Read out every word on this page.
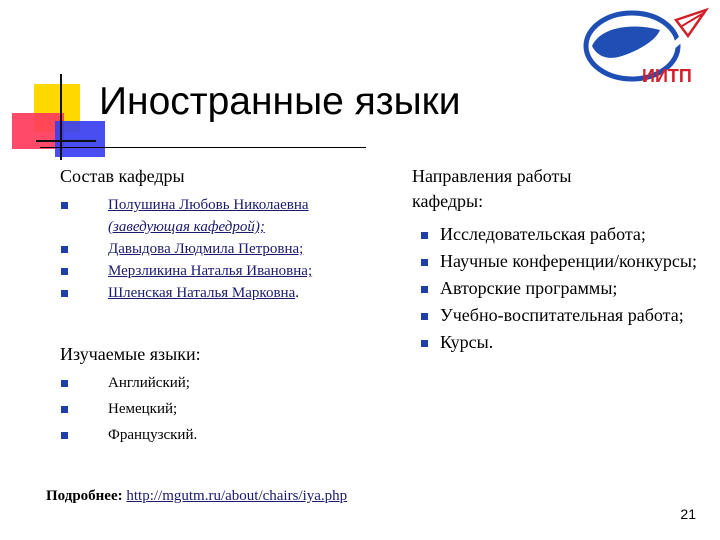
Иностранные языки
ИИТП

Состав кафедры

Полушина Любовь Николаевна
(заведующая кафедрой);
Давыдова Людмила Петровна;
Мерзликина Наталья Ивановна;
Шленская Наталья Марковна.

Изучаемые языки:

Английский;
Немецкий;
Французский.

Направления работы
кафедры:

Исследовательская работа;
Научные конференции/конкурсы;
Авторские программы;
Учебно-воспитательная работа;
Курсы.
Подробнее: http://mgutm.ru/about/chairs/iya.php
21
